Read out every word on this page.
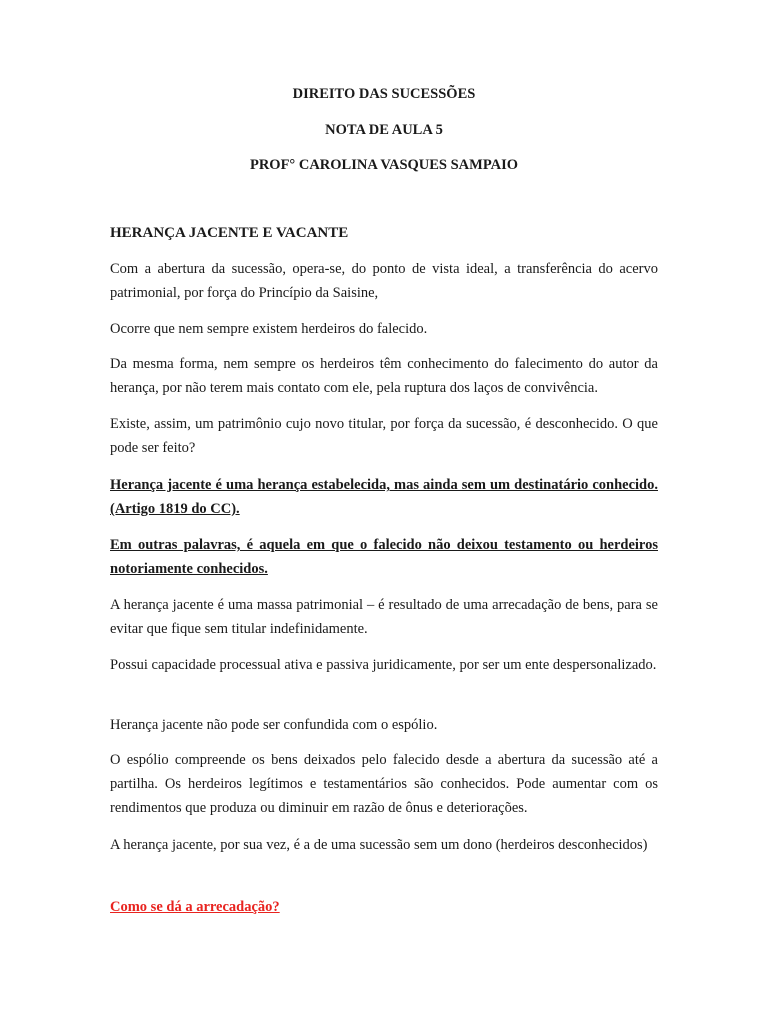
DIREITO DAS SUCESSÕES
NOTA DE AULA 5
PROF° CAROLINA VASQUES SAMPAIO
HERANÇA JACENTE E VACANTE
Com a abertura da sucessão, opera-se, do ponto de vista ideal, a transferência do acervo patrimonial, por força do Princípio da Saisine,
Ocorre que nem sempre existem herdeiros do falecido.
Da mesma forma, nem sempre os herdeiros têm conhecimento do falecimento do autor da herança, por não terem mais contato com ele, pela ruptura dos laços de convivência.
Existe, assim, um patrimônio cujo novo titular, por força da sucessão, é desconhecido. O que pode ser feito?
Herança jacente é uma herança estabelecida, mas ainda sem um destinatário conhecido. (Artigo 1819 do CC).
Em outras palavras, é aquela em que o falecido não deixou testamento ou herdeiros notoriamente conhecidos.
A herança jacente é uma massa patrimonial – é resultado de uma arrecadação de bens, para se evitar que fique sem titular indefinidamente.
Possui capacidade processual ativa e passiva juridicamente, por ser um ente despersonalizado.
Herança jacente não pode ser confundida com o espólio.
O espólio compreende os bens deixados pelo falecido desde a abertura da sucessão até a partilha. Os herdeiros legítimos e testamentários são conhecidos. Pode aumentar com os rendimentos que produza ou diminuir em razão de ônus e deteriorações.
A herança jacente, por sua vez, é a de uma sucessão sem um dono (herdeiros desconhecidos)
Como se dá a arrecadação?
